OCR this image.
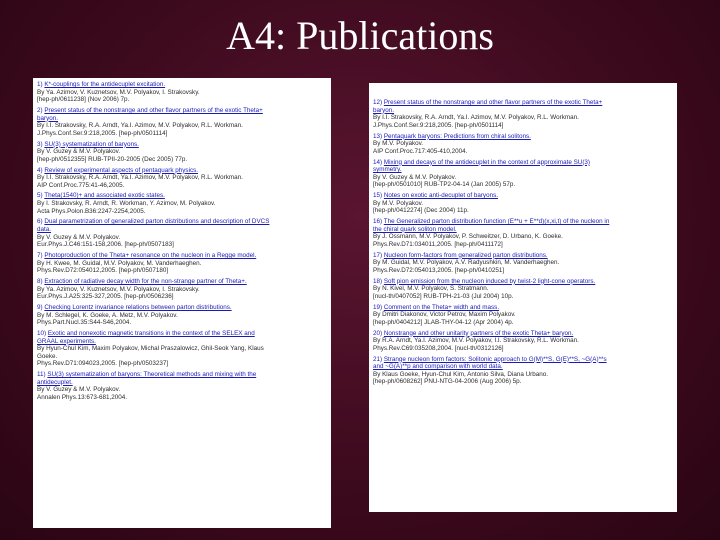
A4: Publications
1) K*-couplings for the antidecuplet excitation.
By Ya. Azimov, V. Kuznetsov, M.V. Polyakov, I. Strakovsky.
[hep-ph/0611238] (Nov 2006) 7p.
2) Present status of the nonstrange and other flavor partners of the exotic Theta+
baryon.
By I.I. Strakovsky, R.A. Arndt, Ya.I. Azimov, M.V. Polyakov, R.L. Workman.
J.Phys.Conf.Ser.9:218,2005. [hep-ph/0501114]
3) SU(3) systematization of baryons.
By V. Guzey & M.V. Polyakov.
[hep-ph/0512355] RUB-TPII-20-2005 (Dec 2005) 77p.
4) Review of experimental aspects of pentaquark physics.
By I.I. Strakovsky, R.A. Arndt, Ya.I. Azimov, M.V. Polyakov, R.L. Workman.
AIP Conf.Proc.775:41-46,2005.
5) Theta(1540)+ and associated exotic states.
By I. Strakovsky, R. Arndt, R. Workman, Y. Azimov, M. Polyakov.
Acta Phys.Polon.B36:2247-2254,2005.
6) Dual parametrization of generalized parton distributions and description of DVCS
data.
By V. Guzey & M.V. Polyakov.
Eur.Phys.J.C46:151-158,2006. [hep-ph/0507183]
7) Photoproduction of the Theta+ resonance on the nucleon in a Regge model.
By H. Kwee, M. Guidal, M.V. Polyakov, M. Vanderhaeghen.
Phys.Rev.D72:054012,2005. [hep-ph/0507180]
8) Extraction of radiative decay width for the non-strange partner of Theta+.
By Ya. Azimov, V. Kuznetsov, M.V. Polyakov, I. Strakovsky.
Eur.Phys.J.A25:325-327,2005. [hep-ph/0506236]
9) Checking Lorentz invariance relations between parton distributions.
By M. Schlegel, K. Goeke, A. Metz, M.V. Polyakov.
Phys.Part.Nucl.35:S44-S46,2004.
10) Exotic and nonexotic magnetic transitions in the context of the SELEX and
GRAAL experiments.
By Hyun-Chul Kim, Maxim Polyakov, Michal Praszalowicz, Ghil-Seok Yang, Klaus
Goeke.
Phys.Rev.D71:094023,2005. [hep-ph/0503237]
11) SU(3) systematization of baryons: Theoretical methods and mixing with the
antidecuplet.
By V. Guzey & M.V. Polyakov.
Annalen Phys.13:673-681,2004.
12) Present status of the nonstrange and other flavor partners of the exotic Theta+
baryon.
By I.I. Strakovsky, R.A. Arndt, Ya.I. Azimov, M.V. Polyakov, R.L. Workman.
J.Phys.Conf.Ser.9:218,2005. [hep-ph/0501114]
13) Pentaquark baryons: Predictions from chiral solitons.
By M.V. Polyakov.
AIP Conf.Proc.717:405-410,2004.
14) Mixing and decays of the antidecuplet in the context of approximate SU(3)
symmetry.
By V. Guzey & M.V. Polyakov.
[hep-ph/0501010] RUB-TP2-04-14 (Jan 2005) 57p.
15) Notes on exotic anti-decuplet of baryons.
By M.V. Polyakov.
[hep-ph/0412274] (Dec 2004) 11p.
16) The Generalized parton distribution function (E**u + E**d)(x,xi,t) of the nucleon in
the chiral quark soliton model.
By J. Ossmann, M.V. Polyakov, P. Schweitzer, D. Urbano, K. Goeke.
Phys.Rev.D71:034011,2005. [hep-ph/0411172]
17) Nucleon form-factors from generalized parton distributions.
By M. Guidal, M.V. Polyakov, A.V. Radyushkin, M. Vanderhaeghen.
Phys.Rev.D72:054013,2005. [hep-ph/0410251]
18) Soft pion emission from the nucleon induced by twist-2 light-cone operators.
By N. Kivel, M.V. Polyakov, S. Stratmann.
[nucl-th/0407052] RUB-TPH-21-03 (Jul 2004) 10p.
19) Comment on the Theta+ width and mass.
By Dmitri Diakonov, Victor Petrov, Maxim Polyakov.
[hep-ph/0404212] JLAB-THY-04-12 (Apr 2004) 4p.
20) Nonstrange and other unitarity partners of the exotic Theta+ baryon.
By R.A. Arndt, Ya.I. Azimov, M.V. Polyakov, I.I. Strakovsky, R.L. Workman.
Phys.Rev.C69:035208,2004. [nucl-th/0312126]
21) Strange nucleon form factors: Solitonic approach to G(M)**S, G(E)**S, ~G(A)**s
and ~G(A)**p and comparison with world data.
By Klaus Goeke, Hyun-Chul Kim, Antonio Silva, Diana Urbano.
[hep-ph/0608262] PNU-NTG-04-2006 (Aug 2006) 5p.
